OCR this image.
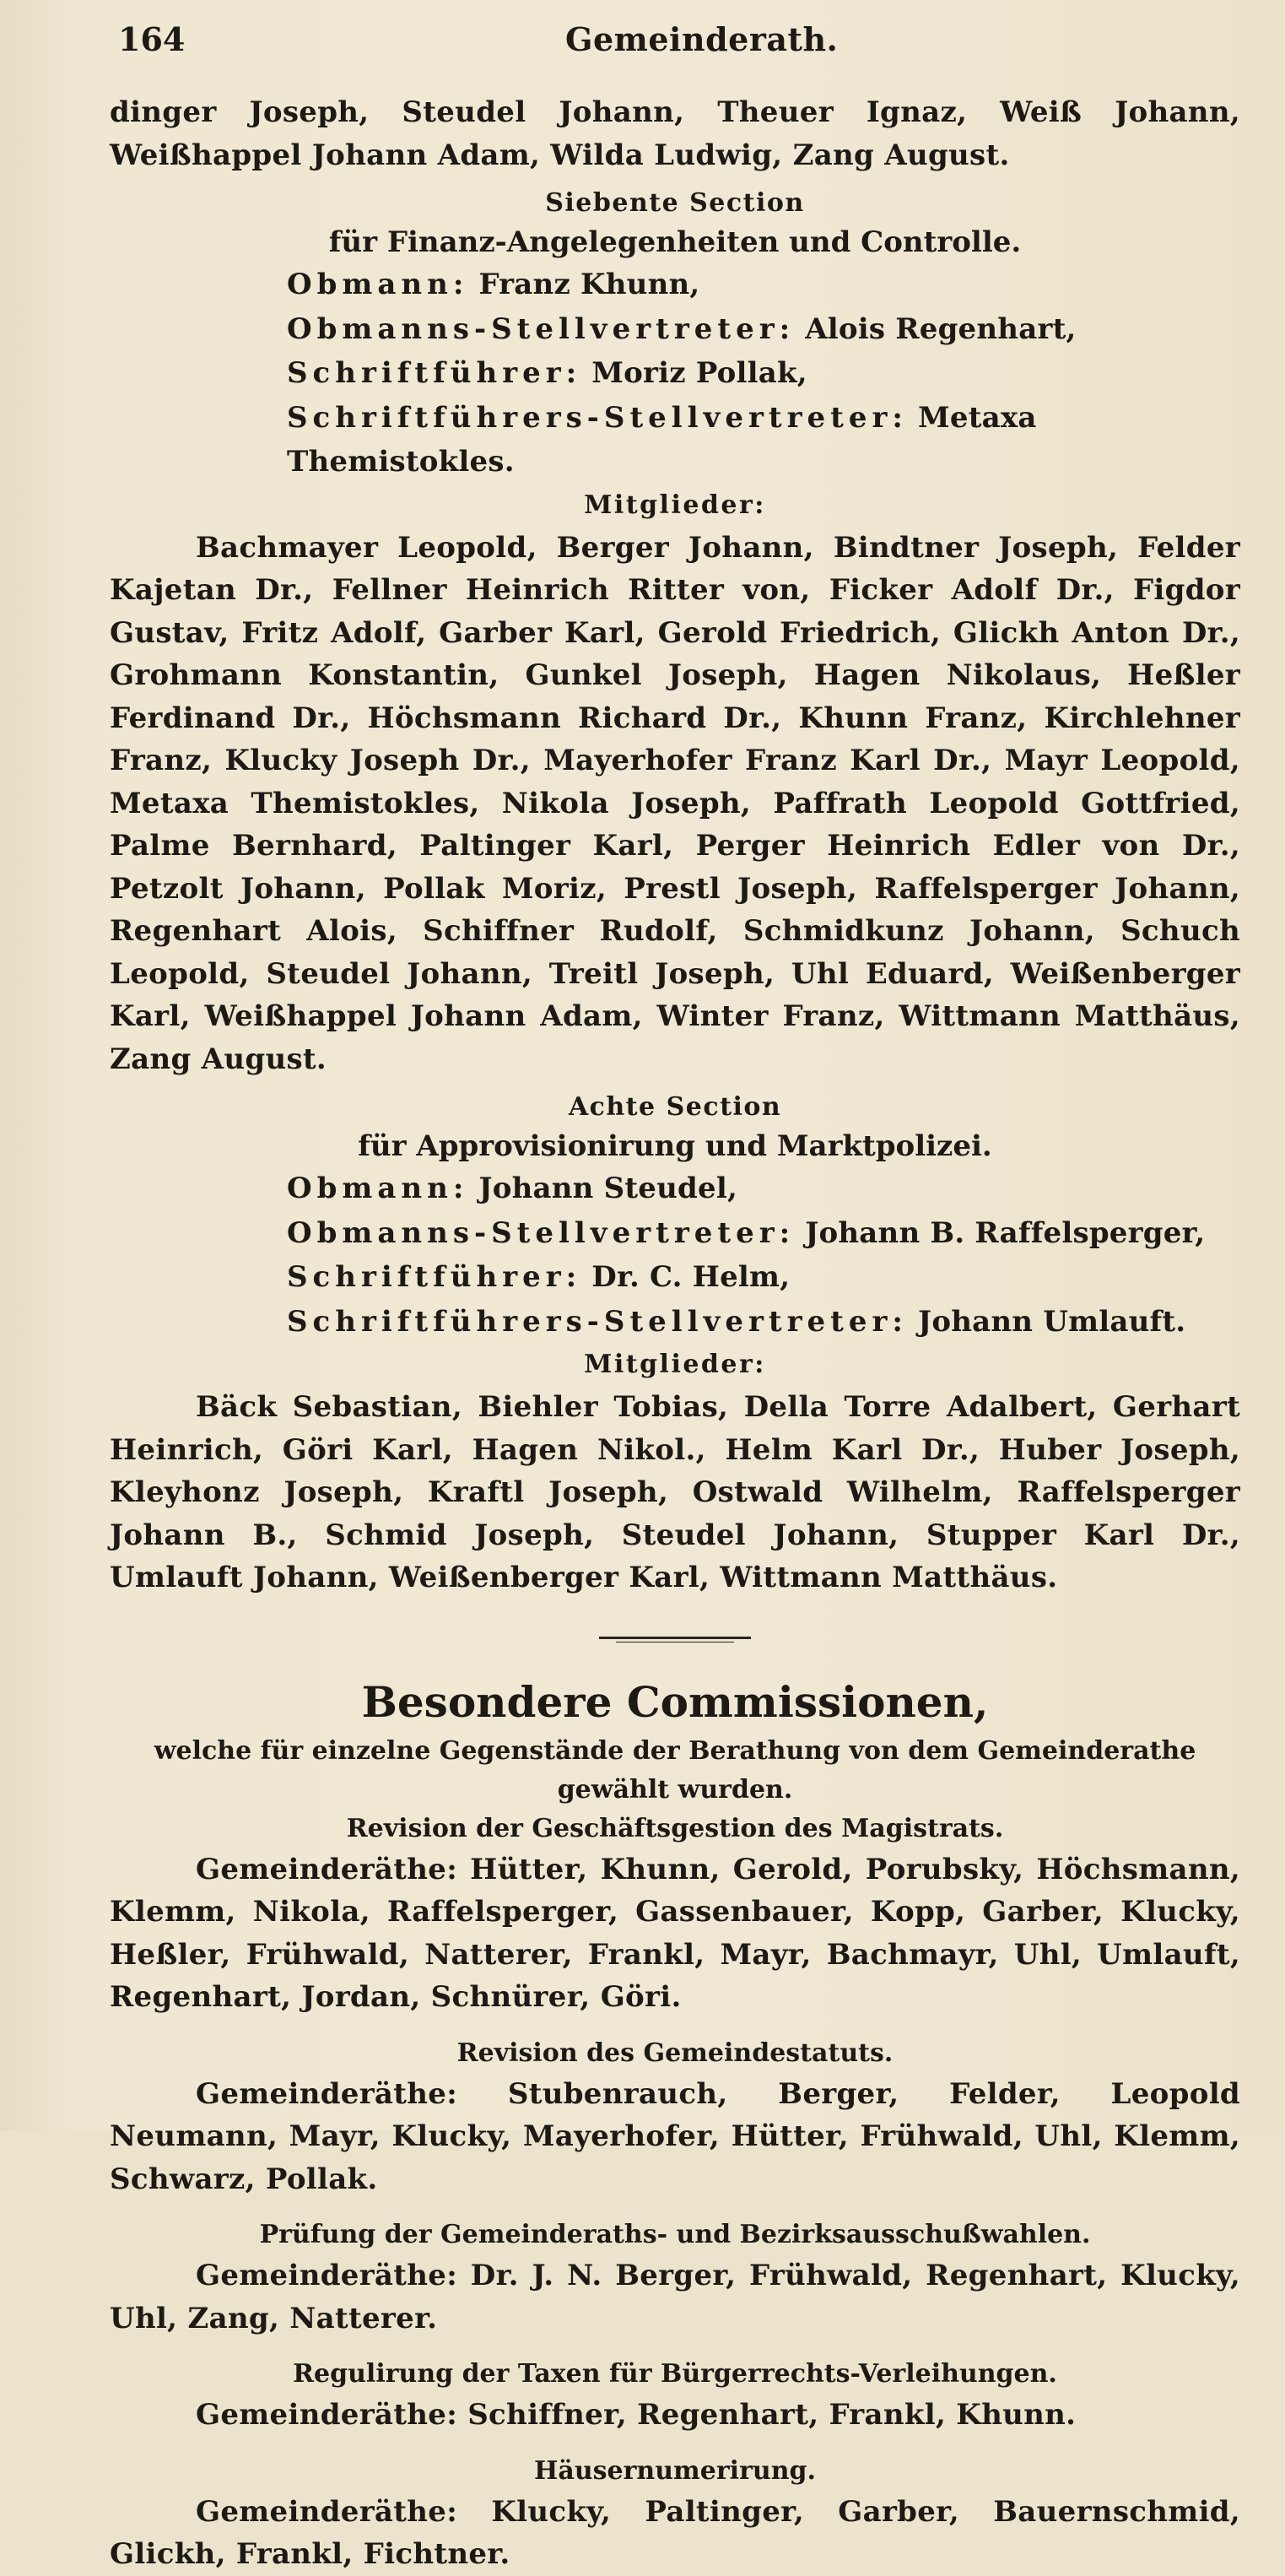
164	Gemeinderath.

dinger Joseph, Steudel Johann, Theuer Ignaz, Weiß Johann, Weißhappel Johann Adam, Wilda Ludwig, Zang August.

Siebente Section
für Finanz-Angelegenheiten und Controlle.
Obmann: Franz Khunn,
Obmanns-Stellvertreter: Alois Regenhart,
Schriftführer: Moriz Pollak,
Schriftführers-Stellvertreter: Metaxa Themistokles.
Mitglieder:

Bachmayer Leopold, Berger Johann, Bindtner Joseph, Felder Kajetan Dr., Fellner Heinrich Ritter von, Ficker Adolf Dr., Figdor Gustav, Fritz Adolf, Garber Karl, Gerold Friedrich, Glickh Anton Dr., Grohmann Konstantin, Gunkel Joseph, Hagen Nikolaus, Heßler Ferdinand Dr., Höchsmann Richard Dr., Khunn Franz, Kirchlehner Franz, Klucky Joseph Dr., Mayerhofer Franz Karl Dr., Mayr Leopold, Metaxa Themistokles, Nikola Joseph, Paffrath Leopold Gottfried, Palme Bernhard, Paltinger Karl, Perger Heinrich Edler von Dr., Petzolt Johann, Pollak Moriz, Prestl Joseph, Raffelsperger Johann, Regenhart Alois, Schiffner Rudolf, Schmidkunz Johann, Schuch Leopold, Steudel Johann, Treitl Joseph, Uhl Eduard, Weißenberger Karl, Weißhappel Johann Adam, Winter Franz, Wittmann Matthäus, Zang August.

Achte Section
für Approvisionirung und Marktpolizei.
Obmann: Johann Steudel,
Obmanns-Stellvertreter: Johann B. Raffelsperger,
Schriftführer: Dr. C. Helm,
Schriftführers-Stellvertreter: Johann Umlauft.
Mitglieder:

Bäck Sebastian, Biehler Tobias, Della Torre Adalbert, Gerhart Heinrich, Göri Karl, Hagen Nikol., Helm Karl Dr., Huber Joseph, Kleyhonz Joseph, Kraftl Joseph, Ostwald Wilhelm, Raffelsperger Johann B., Schmid Joseph, Steudel Johann, Stupper Karl Dr., Umlauft Johann, Weißenberger Karl, Wittmann Matthäus.

Besondere Commissionen,
welche für einzelne Gegenstände der Berathung von dem Gemeinderathe gewählt wurden.
Revision der Geschäftsgestion des Magistrats.

Gemeinderäthe: Hütter, Khunn, Gerold, Porubsky, Höchsmann, Klemm, Nikola, Raffelsperger, Gassenbauer, Kopp, Garber, Klucky, Heßler, Frühwald, Natterer, Frankl, Mayr, Bachmayr, Uhl, Umlauft, Regenhart, Jordan, Schnürer, Göri.

Revision des Gemeindestatuts.

Gemeinderäthe: Stubenrauch, Berger, Felder, Leopold Neumann, Mayr, Klucky, Mayerhofer, Hütter, Frühwald, Uhl, Klemm, Schwarz, Pollak.

Prüfung der Gemeinderaths- und Bezirksausschußwahlen.

Gemeinderäthe: Dr. J. N. Berger, Frühwald, Regenhart, Klucky, Uhl, Zang, Natterer.

Regulirung der Taxen für Bürgerrechts-Verleihungen.

Gemeinderäthe: Schiffner, Regenhart, Frankl, Khunn.

Häusernumerirung.

Gemeinderäthe: Klucky, Paltinger, Garber, Bauernschmid, Glickh, Frankl, Fichtner.
